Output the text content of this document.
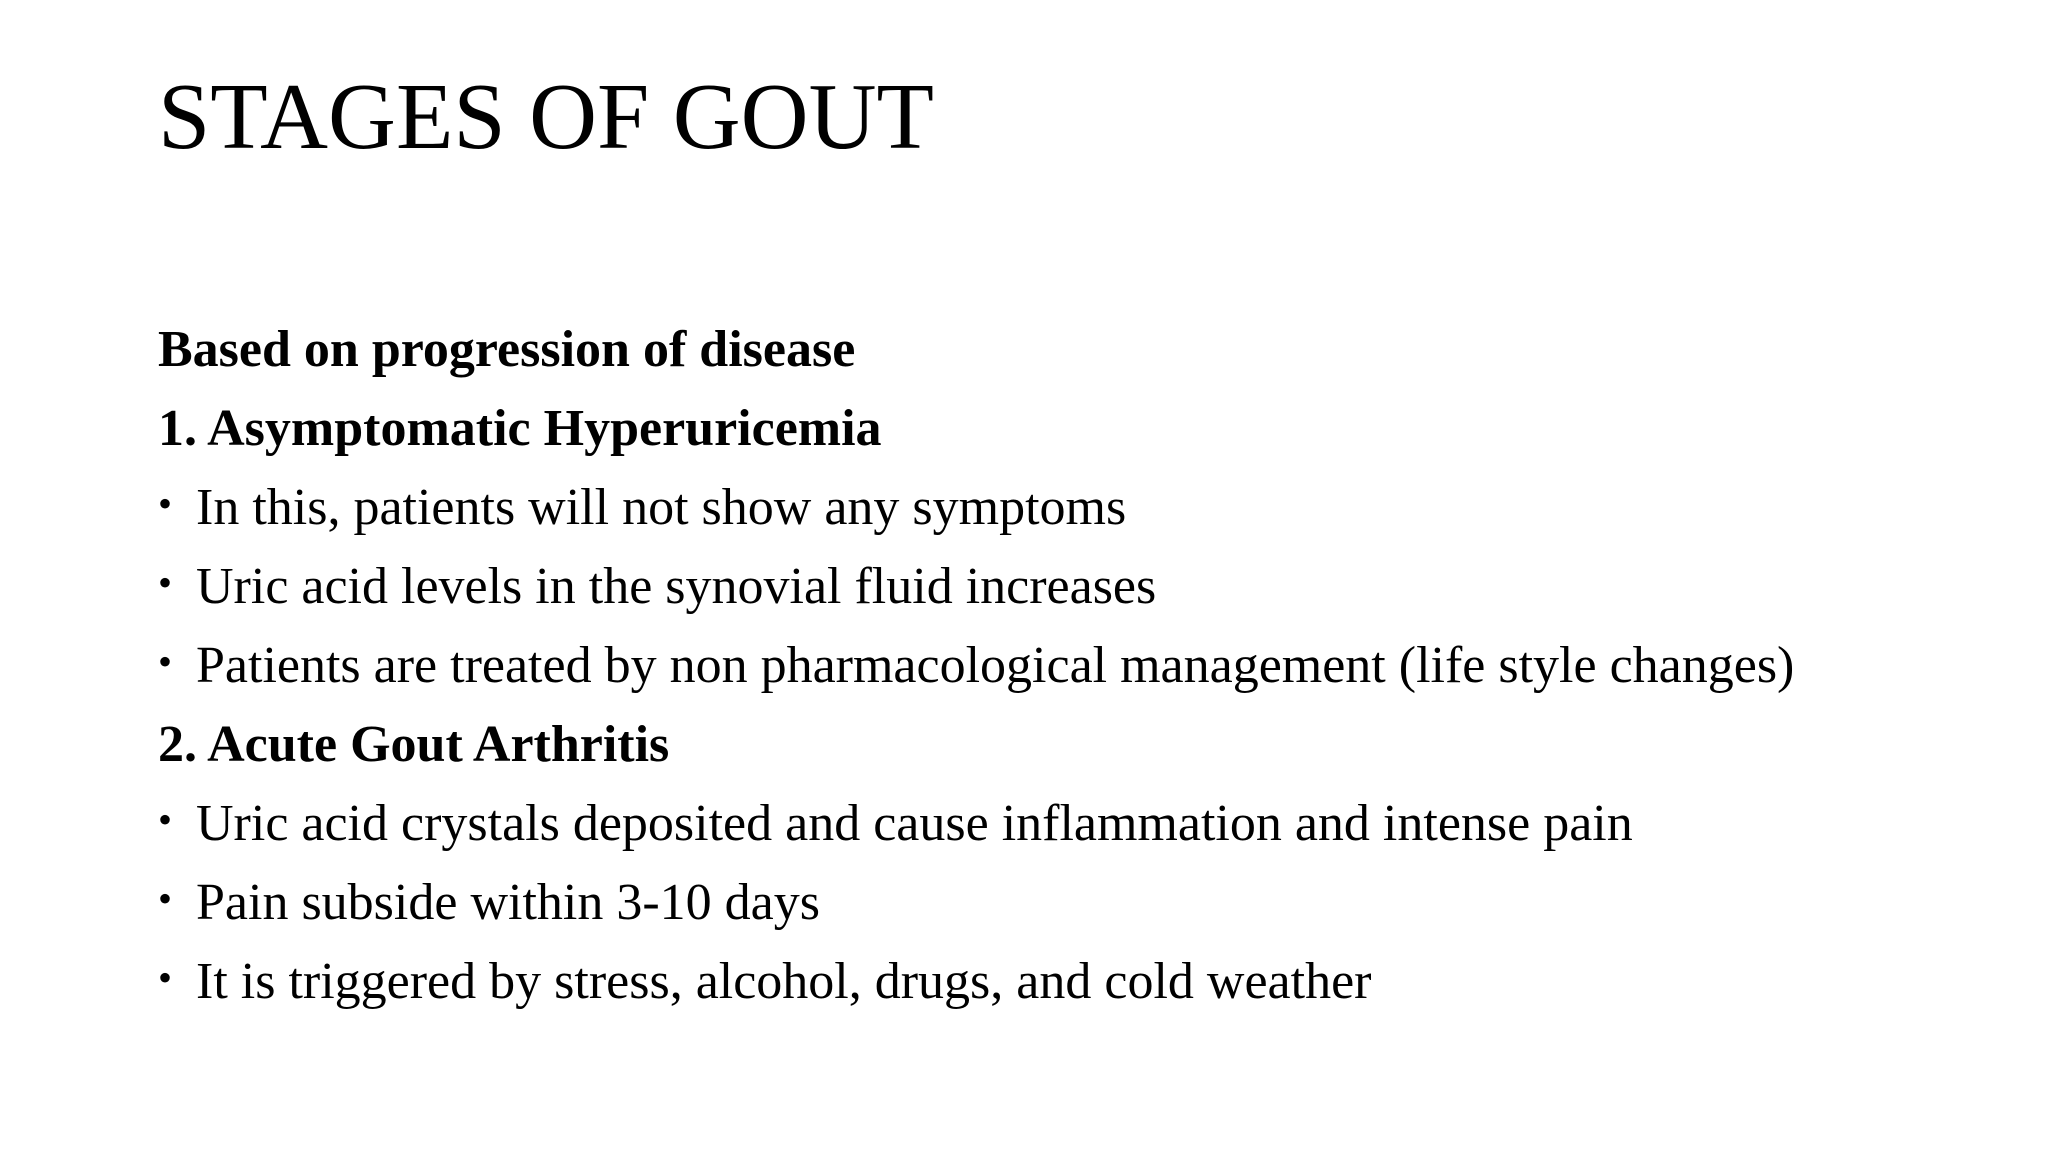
STAGES OF GOUT
Based on progression of disease
1. Asymptomatic Hyperuricemia
• In this, patients will not show any symptoms
• Uric acid levels in the synovial fluid increases
• Patients are treated by non pharmacological management (life style changes)
2. Acute Gout Arthritis
• Uric acid crystals deposited and cause inflammation and intense pain
• Pain subside within 3-10 days
• It is triggered by stress, alcohol, drugs, and cold weather
